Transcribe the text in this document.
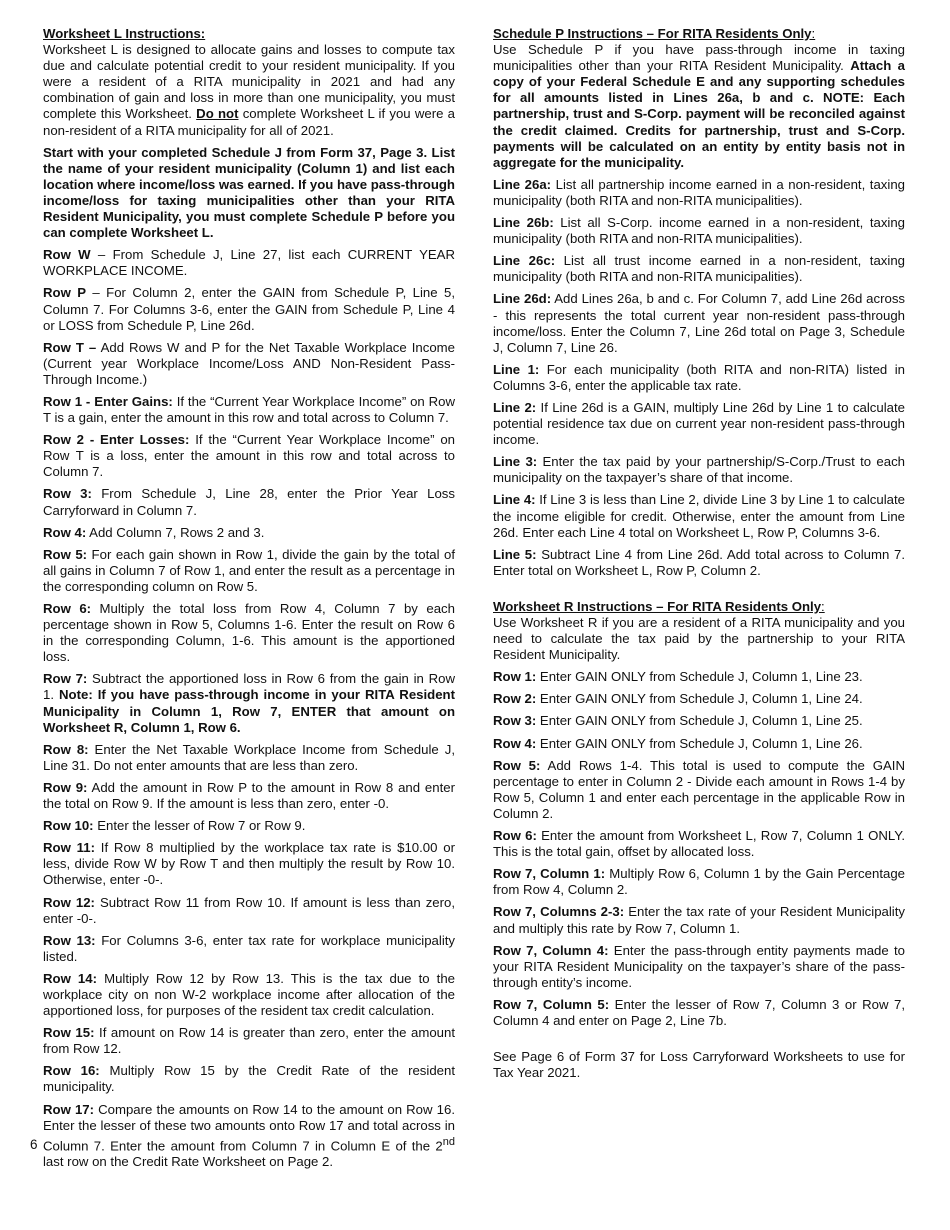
Worksheet L Instructions:

Worksheet L is designed to allocate gains and losses to compute tax due and calculate potential credit to your resident municipality. If you were a resident of a RITA municipality in 2021 and had any combination of gain and loss in more than one municipality, you must complete this Worksheet. Do not complete Worksheet L if you were a non-resident of a RITA municipality for all of 2021.

Start with your completed Schedule J from Form 37, Page 3. List the name of your resident municipality (Column 1) and list each location where income/loss was earned. If you have pass-through income/loss for taxing municipalities other than your RITA Resident Municipality, you must complete Schedule P before you can complete Worksheet L.

Row W – From Schedule J, Line 27, list each CURRENT YEAR WORKPLACE INCOME.

Row P – For Column 2, enter the GAIN from Schedule P, Line 5, Column 7. For Columns 3-6, enter the GAIN from Schedule P, Line 4 or LOSS from Schedule P, Line 26d.

Row T – Add Rows W and P for the Net Taxable Workplace Income (Current year Workplace Income/Loss AND Non-Resident Pass-Through Income.)

Row 1 - Enter Gains: If the “Current Year Workplace Income” on Row T is a gain, enter the amount in this row and total across to Column 7.

Row 2 - Enter Losses: If the “Current Year Workplace Income” on Row T is a loss, enter the amount in this row and total across to Column 7.

Row 3: From Schedule J, Line 28, enter the Prior Year Loss Carryforward in Column 7.

Row 4: Add Column 7, Rows 2 and 3.

Row 5: For each gain shown in Row 1, divide the gain by the total of all gains in Column 7 of Row 1, and enter the result as a percentage in the corresponding column on Row 5.

Row 6: Multiply the total loss from Row 4, Column 7 by each percentage shown in Row 5, Columns 1-6. Enter the result on Row 6 in the corresponding Column, 1-6. This amount is the apportioned loss.

Row 7: Subtract the apportioned loss in Row 6 from the gain in Row 1. Note: If you have pass-through income in your RITA Resident Municipality in Column 1, Row 7, ENTER that amount on Worksheet R, Column 1, Row 6.

Row 8: Enter the Net Taxable Workplace Income from Schedule J, Line 31. Do not enter amounts that are less than zero.

Row 9: Add the amount in Row P to the amount in Row 8 and enter the total on Row 9. If the amount is less than zero, enter -0.

Row 10: Enter the lesser of Row 7 or Row 9.

Row 11: If Row 8 multiplied by the workplace tax rate is $10.00 or less, divide Row W by Row T and then multiply the result by Row 10. Otherwise, enter -0-.

Row 12: Subtract Row 11 from Row 10. If amount is less than zero, enter -0-.

Row 13: For Columns 3-6, enter tax rate for workplace municipality listed.

Row 14: Multiply Row 12 by Row 13. This is the tax due to the workplace city on non W-2 workplace income after allocation of the apportioned loss, for purposes of the resident tax credit calculation.

Row 15: If amount on Row 14 is greater than zero, enter the amount from Row 12.

Row 16: Multiply Row 15 by the Credit Rate of the resident municipality.

Row 17: Compare the amounts on Row 14 to the amount on Row 16. Enter the lesser of these two amounts onto Row 17 and total across in Column 7. Enter the amount from Column 7 in Column E of the 2nd last row on the Credit Rate Worksheet on Page 2.

Schedule P Instructions – For RITA Residents Only:

Use Schedule P if you have pass-through income in taxing municipalities other than your RITA Resident Municipality. Attach a copy of your Federal Schedule E and any supporting schedules for all amounts listed in Lines 26a, b and c. NOTE: Each partnership, trust and S-Corp. payment will be reconciled against the credit claimed. Credits for partnership, trust and S-Corp. payments will be calculated on an entity by entity basis not in aggregate for the municipality.

Line 26a: List all partnership income earned in a non-resident, taxing municipality (both RITA and non-RITA municipalities).

Line 26b: List all S-Corp. income earned in a non-resident, taxing municipality (both RITA and non-RITA municipalities).

Line 26c: List all trust income earned in a non-resident, taxing municipality (both RITA and non-RITA municipalities).

Line 26d: Add Lines 26a, b and c. For Column 7, add Line 26d across - this represents the total current year non-resident pass-through income/loss. Enter the Column 7, Line 26d total on Page 3, Schedule J, Column 7, Line 26.

Line 1: For each municipality (both RITA and non-RITA) listed in Columns 3-6, enter the applicable tax rate.

Line 2: If Line 26d is a GAIN, multiply Line 26d by Line 1 to calculate potential residence tax due on current year non-resident pass-through income.

Line 3: Enter the tax paid by your partnership/S-Corp./Trust to each municipality on the taxpayer’s share of that income.

Line 4: If Line 3 is less than Line 2, divide Line 3 by Line 1 to calculate the income eligible for credit. Otherwise, enter the amount from Line 26d. Enter each Line 4 total on Worksheet L, Row P, Columns 3-6.

Line 5: Subtract Line 4 from Line 26d. Add total across to Column 7. Enter total on Worksheet L, Row P, Column 2.

Worksheet R Instructions – For RITA Residents Only:

Use Worksheet R if you are a resident of a RITA municipality and you need to calculate the tax paid by the partnership to your RITA Resident Municipality.

Row 1: Enter GAIN ONLY from Schedule J, Column 1, Line 23.

Row 2: Enter GAIN ONLY from Schedule J, Column 1, Line 24.

Row 3: Enter GAIN ONLY from Schedule J, Column 1, Line 25.

Row 4: Enter GAIN ONLY from Schedule J, Column 1, Line 26.

Row 5: Add Rows 1-4. This total is used to compute the GAIN percentage to enter in Column 2 - Divide each amount in Rows 1-4 by Row 5, Column 1 and enter each percentage in the applicable Row in Column 2.

Row 6: Enter the amount from Worksheet L, Row 7, Column 1 ONLY. This is the total gain, offset by allocated loss.

Row 7, Column 1: Multiply Row 6, Column 1 by the Gain Percentage from Row 4, Column 2.

Row 7, Columns 2-3: Enter the tax rate of your Resident Municipality and multiply this rate by Row 7, Column 1.

Row 7, Column 4: Enter the pass-through entity payments made to your RITA Resident Municipality on the taxpayer’s share of the pass-through entity’s income.

Row 7, Column 5: Enter the lesser of Row 7, Column 3 or Row 7, Column 4 and enter on Page 2, Line 7b.

See Page 6 of Form 37 for Loss Carryforward Worksheets to use for Tax Year 2021.

6
